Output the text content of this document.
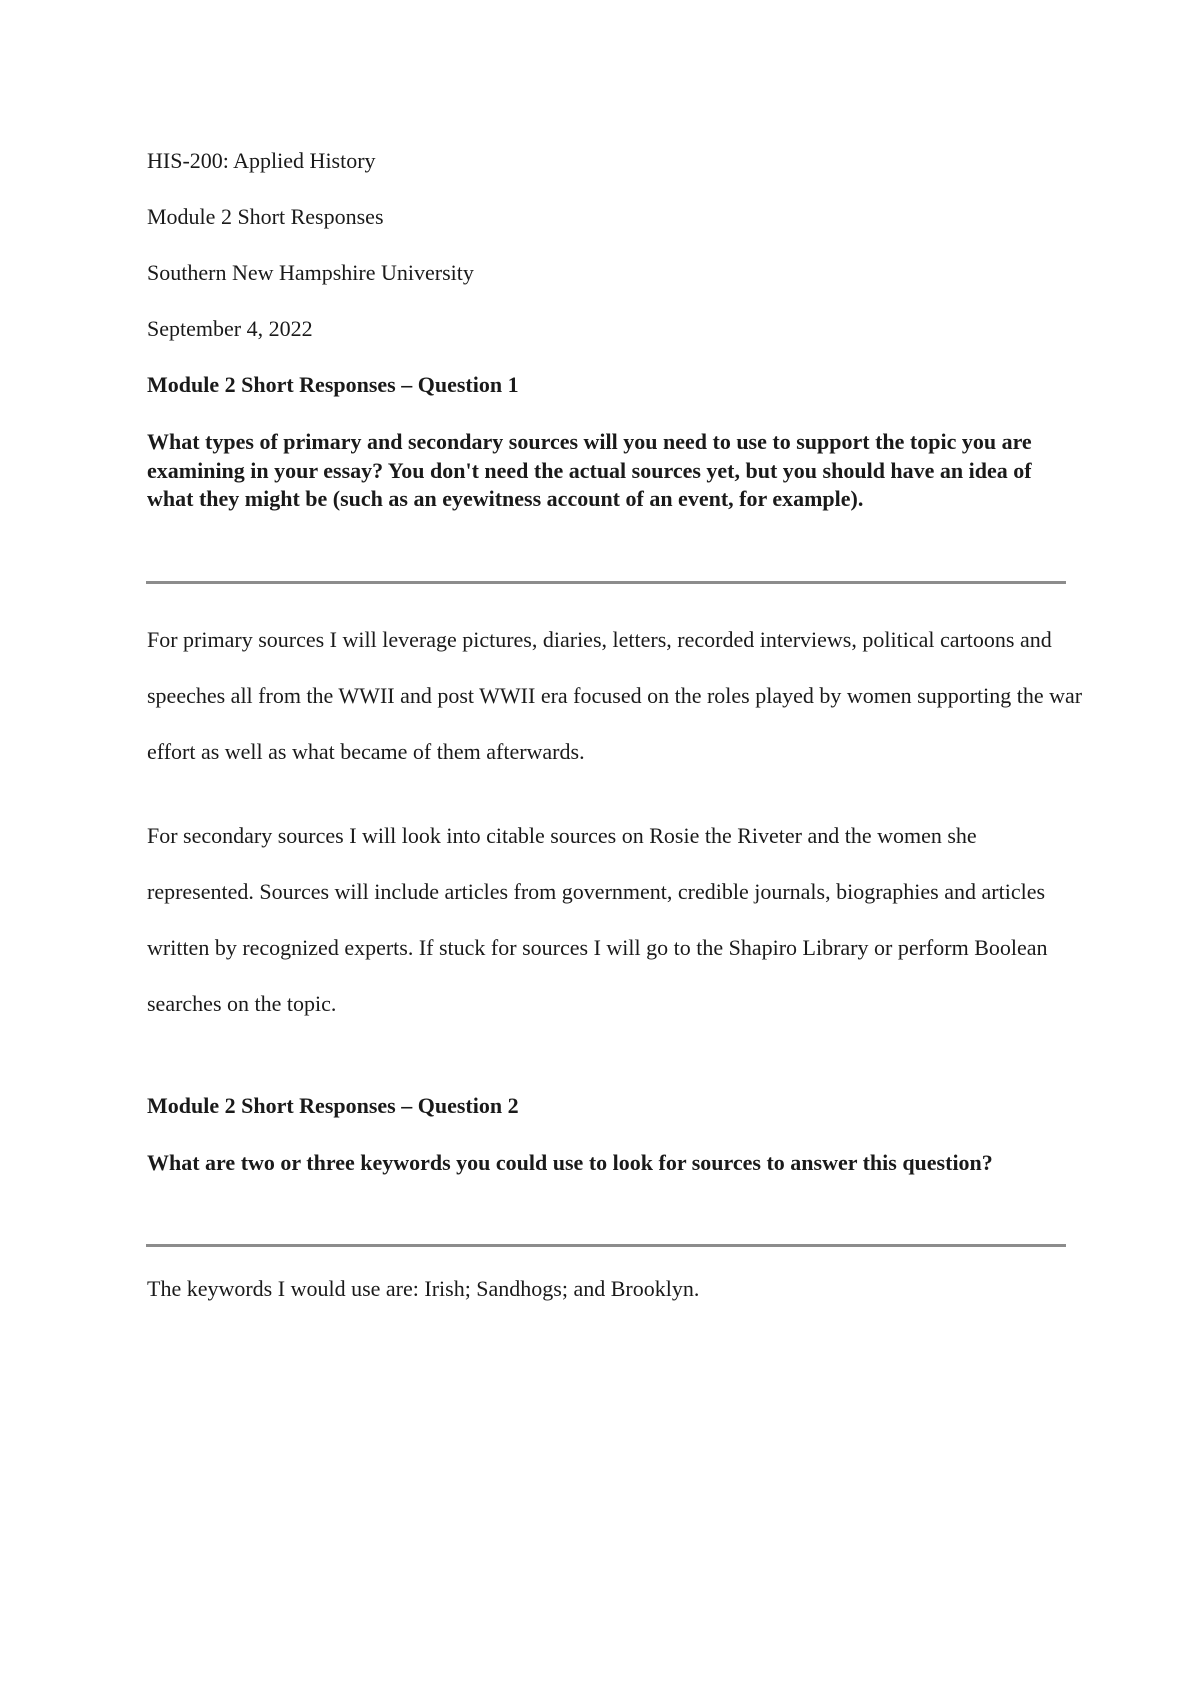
HIS-200: Applied History
Module 2 Short Responses
Southern New Hampshire University
September 4, 2022
Module 2 Short Responses – Question 1
What types of primary and secondary sources will you need to use to support the topic you are examining in your essay? You don't need the actual sources yet, but you should have an idea of what they might be (such as an eyewitness account of an event, for example).
For primary sources I will leverage pictures, diaries, letters, recorded interviews, political cartoons and speeches all from the WWII and post WWII era focused on the roles played by women supporting the war effort as well as what became of them afterwards.
For secondary sources I will look into citable sources on Rosie the Riveter and the women she represented. Sources will include articles from government, credible journals, biographies and articles written by recognized experts. If stuck for sources I will go to the Shapiro Library or perform Boolean searches on the topic.
Module 2 Short Responses – Question 2
What are two or three keywords you could use to look for sources to answer this question?
The keywords I would use are: Irish; Sandhogs; and Brooklyn.
